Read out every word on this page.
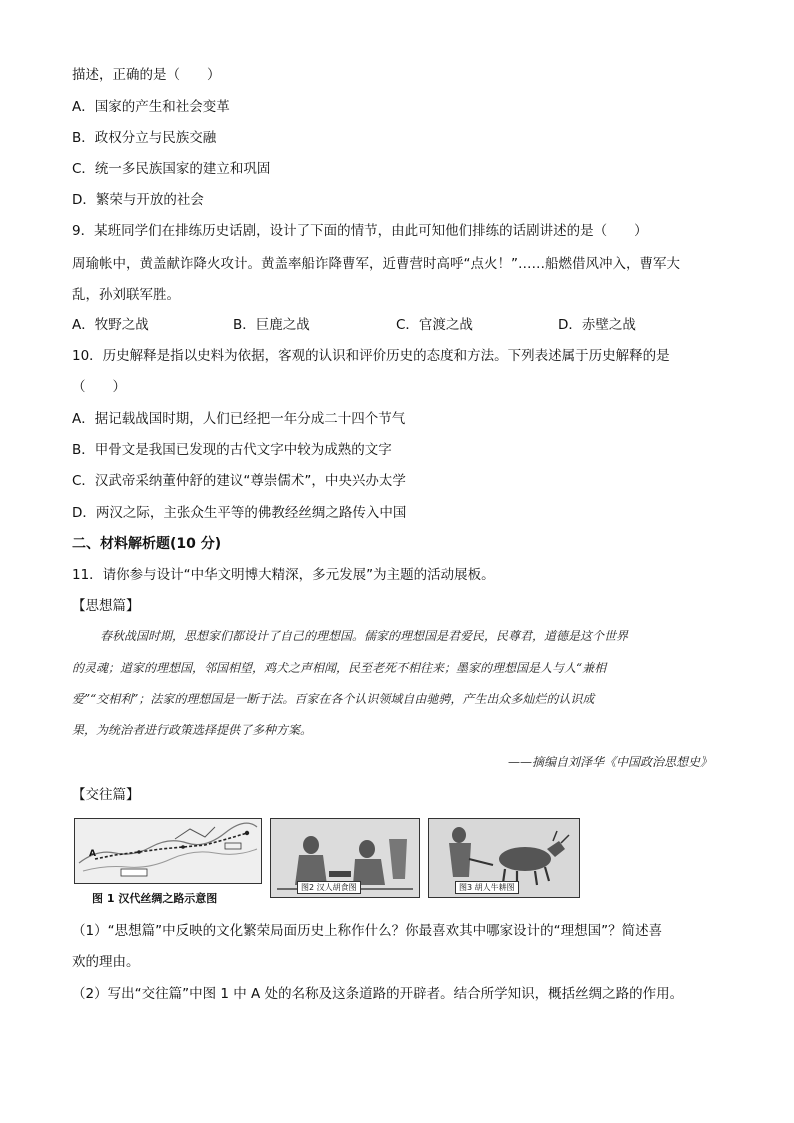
描述，正确的是（　　）
A．国家的产生和社会变革
B．政权分立与民族交融
C．统一多民族国家的建立和巩固
D．繁荣与开放的社会
9．某班同学们在排练历史话剧，设计了下面的情节，由此可知他们排练的话剧讲述的是（　　）
周瑜帐中，黄盖献诈降火攻计。黄盖率船诈降曹军，近曹营时高呼“点火！”……船燃借风冲入，曹军大
乱，孙刘联军胜。
A．牧野之战	B．巨鹿之战	C．官渡之战	D．赤壁之战
10．历史解释是指以史料为依据，客观的认识和评价历史的态度和方法。下列表述属于历史解释的是
（　　）
A．据记载战国时期，人们已经把一年分成二十四个节气
B．甲骨文是我国已发现的古代文字中较为成熟的文字
C．汉武帝采纳董仲舒的建议“尊崇儒术”，中央兴办太学
D．两汉之际，主张众生平等的佛教经丝绸之路传入中国
二、材料解析题(10 分)
11．请你参与设计“中华文明博大精深，多元发展”为主题的活动展板。
【思想篇】
春秋战国时期，思想家们都设计了自己的理想国。儒家的理想国是君爱民，民尊君，道德是这个世界
的灵魂；道家的理想国，邻国相望，鸡犬之声相闻，民至老死不相往来；墨家的理想国是人与人“兼相
爱”“交相利”；法家的理想国是一断于法。百家在各个认识领域自由驰骋，产生出众多灿烂的认识成
果，为统治者进行政策选择提供了多种方案。
——摘编自刘泽华《中国政治思想史》
【交往篇】
A
图 1 汉代丝绸之路示意图
图2 汉人胡食图	图3 胡人牛耕图
（1）“思想篇”中反映的文化繁荣局面历史上称作什么？你最喜欢其中哪家设计的“理想国”？简述喜
欢的理由。
（2）写出“交往篇”中图 1 中 A 处的名称及这条道路的开辟者。结合所学知识，概括丝绸之路的作用。
